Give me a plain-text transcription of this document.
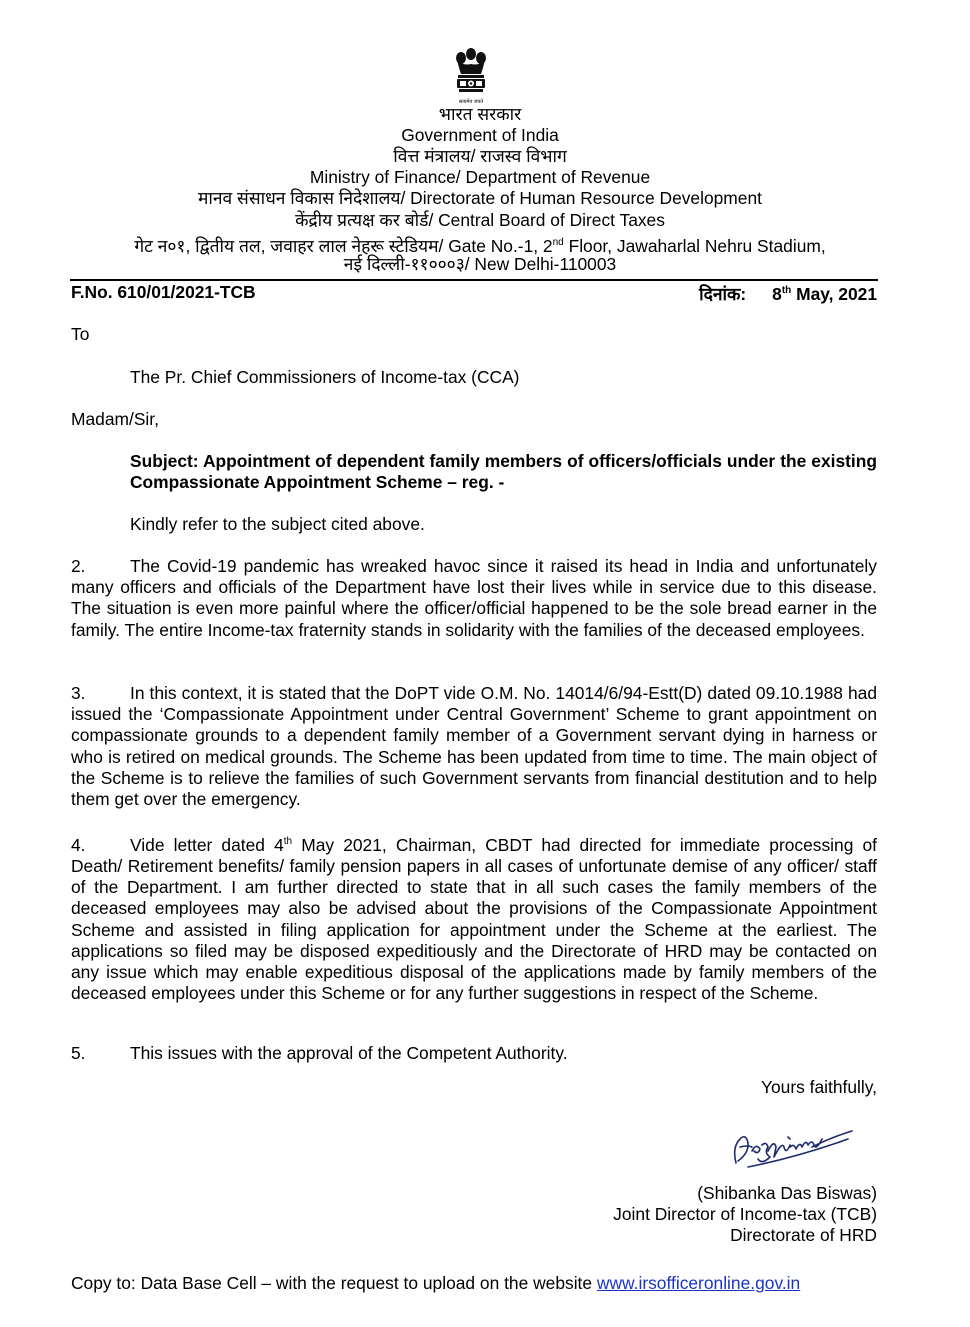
सत्यमेव जयते
भारत सरकार
Government of India
वित्त मंत्रालय/ राजस्व विभाग
Ministry of Finance/ Department of Revenue
मानव संसाधन विकास निदेशालय/ Directorate of Human Resource Development
केंद्रीय प्रत्यक्ष कर बोर्ड/ Central Board of Direct Taxes
गेट न०१, द्वितीय तल, जवाहर लाल नेहरू स्टेडियम/ Gate No.-1, 2nd Floor, Jawaharlal Nehru Stadium,
नई दिल्ली-११०००३/ New Delhi-110003
F.No. 610/01/2021-TCB	दिनांक: 8th May, 2021
To
The Pr. Chief Commissioners of Income-tax (CCA)
Madam/Sir,
Subject: Appointment of dependent family members of officers/officials under the existing Compassionate Appointment Scheme – reg. -
Kindly refer to the subject cited above.
2.	The Covid-19 pandemic has wreaked havoc since it raised its head in India and unfortunately many officers and officials of the Department have lost their lives while in service due to this disease. The situation is even more painful where the officer/official happened to be the sole bread earner in the family. The entire Income-tax fraternity stands in solidarity with the families of the deceased employees.
3.	In this context, it is stated that the DoPT vide O.M. No. 14014/6/94-Estt(D) dated 09.10.1988 had issued the ‘Compassionate Appointment under Central Government’ Scheme to grant appointment on compassionate grounds to a dependent family member of a Government servant dying in harness or who is retired on medical grounds. The Scheme has been updated from time to time. The main object of the Scheme is to relieve the families of such Government servants from financial destitution and to help them get over the emergency.
4.	Vide letter dated 4th May 2021, Chairman, CBDT had directed for immediate processing of Death/ Retirement benefits/ family pension papers in all cases of unfortunate demise of any officer/ staff of the Department. I am further directed to state that in all such cases the family members of the deceased employees may also be advised about the provisions of the Compassionate Appointment Scheme and assisted in filing application for appointment under the Scheme at the earliest. The applications so filed may be disposed expeditiously and the Directorate of HRD may be contacted on any issue which may enable expeditious disposal of the applications made by family members of the deceased employees under this Scheme or for any further suggestions in respect of the Scheme.
5.	This issues with the approval of the Competent Authority.
Yours faithfully,
(Shibanka Das Biswas)
Joint Director of Income-tax (TCB)
Directorate of HRD
Copy to: Data Base Cell – with the request to upload on the website www.irsofficeronline.gov.in
